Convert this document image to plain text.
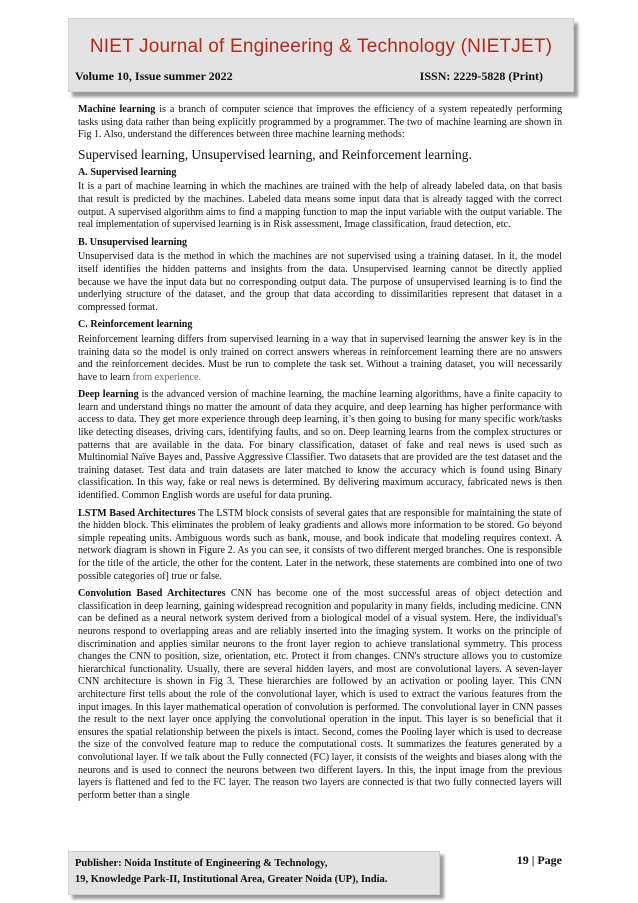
NIET Journal of Engineering & Technology (NIETJET)
Volume 10, Issue summer 2022	ISSN: 2229-5828 (Print)

Machine learning is a branch of computer science that improves the efficiency of a system repeatedly performing tasks using data rather than being explicitly programmed by a programmer. The two of machine learning are shown in Fig 1. Also, understand the differences between three machine learning methods:

Supervised learning, Unsupervised learning, and Reinforcement learning.
A. Supervised learning

It is a part of machine learning in which the machines are trained with the help of already labeled data, on that basis that result is predicted by the machines. Labeled data means some input data that is already tagged with the correct output. A supervised algorithm aims to find a mapping function to map the input variable with the output variable. The real implementation of supervised learning is in Risk assessment, Image classification, fraud detection, etc.

B. Unsupervised learning

Unsupervised data is the method in which the machines are not supervised using a training dataset. In it, the model itself identifies the hidden patterns and insights from the data. Unsupervised learning cannot be directly applied because we have the input data but no corresponding output data. The purpose of unsupervised learning is to find the underlying structure of the dataset, and the group that data according to dissimilarities represent that dataset in a compressed format.

C. Reinforcement learning

Reinforcement learning differs from supervised learning in a way that in supervised learning the answer key is in the training data so the model is only trained on correct answers whereas in reinforcement learning there are no answers and the reinforcement decides. Must be run to complete the task set. Without a training dataset, you will necessarily have to learn from experience.

Deep learning is the advanced version of machine learning, the machine learning algorithms, have a finite capacity to learn and understand things no matter the amount of data they acquire, and deep learning has higher performance with access to data. They get more experience through deep learning, it’s then going to busing for many specific work/tasks like detecting diseases, driving cars, identifying faults, and so on. Deep learning learns from the complex structures or patterns that are available in the data. For binary classification, dataset of fake and real news is used such as Multinomial Naïve Bayes and, Passive Aggressive Classifier. Two datasets that are provided are the test dataset and the training dataset. Test data and train datasets are later matched to know the accuracy which is found using Binary classification. In this way, fake or real news is determined. By delivering maximum accuracy, fabricated news is then identified. Common English words are useful for data pruning.

LSTM Based Architectures The LSTM block consists of several gates that are responsible for maintaining the state of the hidden block. This eliminates the problem of leaky gradients and allows more information to be stored. Go beyond simple repeating units. Ambiguous words such as bank, mouse, and book indicate that modeling requires context. A network diagram is shown in Figure 2. As you can see, it consists of two different merged branches. One is responsible for the title of the article, the other for the content. Later in the network, these statements are combined into one of two possible categories of] true or false.

Convolution Based Architectures CNN has become one of the most successful areas of object detection and classification in deep learning, gaining widespread recognition and popularity in many fields, including medicine. CNN can be defined as a neural network system derived from a biological model of a visual system. Here, the individual's neurons respond to overlapping areas and are reliably inserted into the imaging system. It works on the principle of discrimination and applies similar neurons to the front layer region to achieve translational symmetry. This process changes the CNN to position, size, orientation, etc. Protect it from changes. CNN's structure allows you to customize hierarchical functionality. Usually, there are several hidden layers, and most are convolutional layers. A seven-layer CNN architecture is shown in Fig 3. These hierarchies are followed by an activation or pooling layer. This CNN architecture first tells about the role of the convolutional layer, which is used to extract the various features from the input images. In this layer mathematical operation of convolution is performed. The convolutional layer in CNN passes the result to the next layer once applying the convolutional operation in the input. This layer is so beneficial that it ensures the spatial relationship between the pixels is intact. Second, comes the Pooling layer which is used to decrease the size of the convolved feature map to reduce the computational costs. It summarizes the features generated by a convolutional layer. If we talk about the Fully connected (FC) layer, it consists of the weights and biases along with the neurons and is used to connect the neurons between two different layers. In this, the input image from the previous layers is flattened and fed to the FC layer. The reason two layers are connected is that two fully connected layers will perform better than a single

19 | Page
Publisher: Noida Institute of Engineering & Technology,
19, Knowledge Park-II, Institutional Area, Greater Noida (UP), India.
